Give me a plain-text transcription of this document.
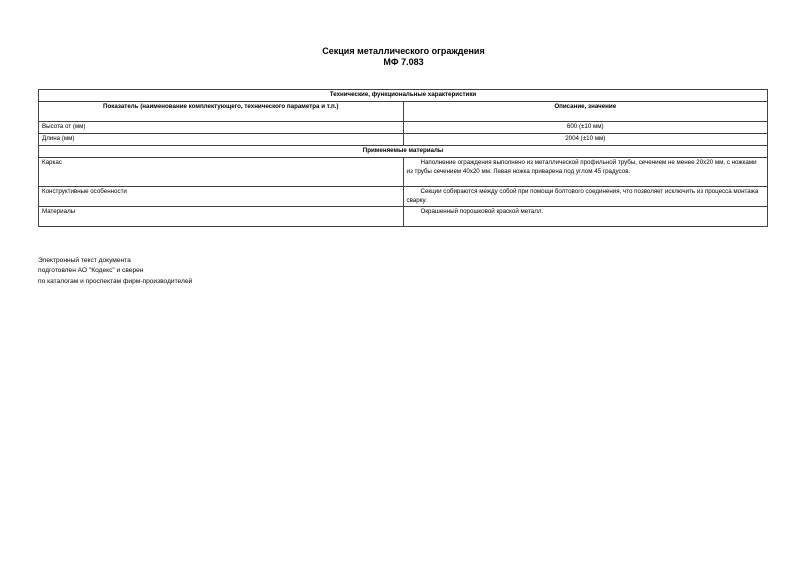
Секция металлического ограждения
МФ 7.083
Технические, функциональные характеристики	
Показатель (наименование комплектующего, технического параметра и т.п.)	Описание, значение
Высота от (мм)	600 (±10 мм)
Длина (мм)	2004 (±10 мм)
Применяемые материалы	
Каркас	Наполнение ограждения выполнено из металлической профильной трубы, сечением не менее 20х20 мм, с ножками из трубы сечением 40х20 мм. Левая ножка приварена под углом 45 градусов.
Конструктивные особенности	Секции собираются между собой при помощи болтового соединения, что позволяет исключить из процесса монтажа сварку.
Материалы	Окрашенный порошковой краской металл.
Электронный текст документа
подготовлен АО "Кодекс" и сверен
по каталогам и проспектам фирм-производителей
